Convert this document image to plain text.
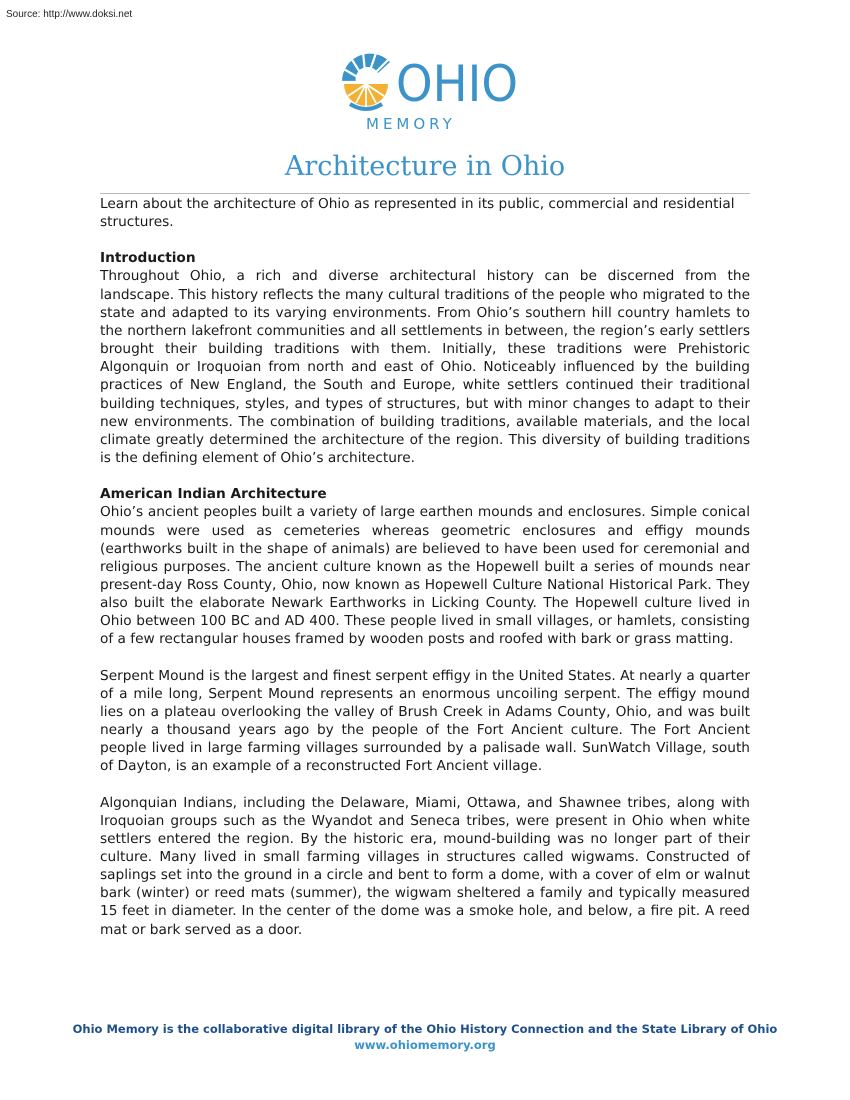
Source: http://www.doksi.net
OHIO
MEMORY
Architecture in Ohio

Learn about the architecture of Ohio as represented in its public, commercial and residential structures.

Introduction

Throughout Ohio, a rich and diverse architectural history can be discerned from the landscape. This history reflects the many cultural traditions of the people who migrated to the state and adapted to its varying environments. From Ohio’s southern hill country hamlets to the northern lakefront communities and all settlements in between, the region’s early settlers brought their building traditions with them. Initially, these traditions were Prehistoric Algonquin or Iroquoian from north and east of Ohio. Noticeably influenced by the building practices of New England, the South and Europe, white settlers continued their traditional building techniques, styles, and types of structures, but with minor changes to adapt to their new environments. The combination of building traditions, available materials, and the local climate greatly determined the architecture of the region. This diversity of building traditions is the defining element of Ohio’s architecture.

American Indian Architecture

Ohio’s ancient peoples built a variety of large earthen mounds and enclosures. Simple conical mounds were used as cemeteries whereas geometric enclosures and effigy mounds (earthworks built in the shape of animals) are believed to have been used for ceremonial and religious purposes. The ancient culture known as the Hopewell built a series of mounds near present-day Ross County, Ohio, now known as Hopewell Culture National Historical Park. They also built the elaborate Newark Earthworks in Licking County. The Hopewell culture lived in Ohio between 100 BC and AD 400. These people lived in small villages, or hamlets, consisting of a few rectangular houses framed by wooden posts and roofed with bark or grass matting.

Serpent Mound is the largest and finest serpent effigy in the United States. At nearly a quarter of a mile long, Serpent Mound represents an enormous uncoiling serpent. The effigy mound lies on a plateau overlooking the valley of Brush Creek in Adams County, Ohio, and was built nearly a thousand years ago by the people of the Fort Ancient culture. The Fort Ancient people lived in large farming villages surrounded by a palisade wall. SunWatch Village, south of Dayton, is an example of a reconstructed Fort Ancient village.

Algonquian Indians, including the Delaware, Miami, Ottawa, and Shawnee tribes, along with Iroquoian groups such as the Wyandot and Seneca tribes, were present in Ohio when white settlers entered the region. By the historic era, mound-building was no longer part of their culture. Many lived in small farming villages in structures called wigwams. Constructed of saplings set into the ground in a circle and bent to form a dome, with a cover of elm or walnut bark (winter) or reed mats (summer), the wigwam sheltered a family and typically measured 15 feet in diameter. In the center of the dome was a smoke hole, and below, a fire pit. A reed mat or bark served as a door.

Ohio Memory is the collaborative digital library of the Ohio History Connection and the State Library of Ohio
www.ohiomemory.org
